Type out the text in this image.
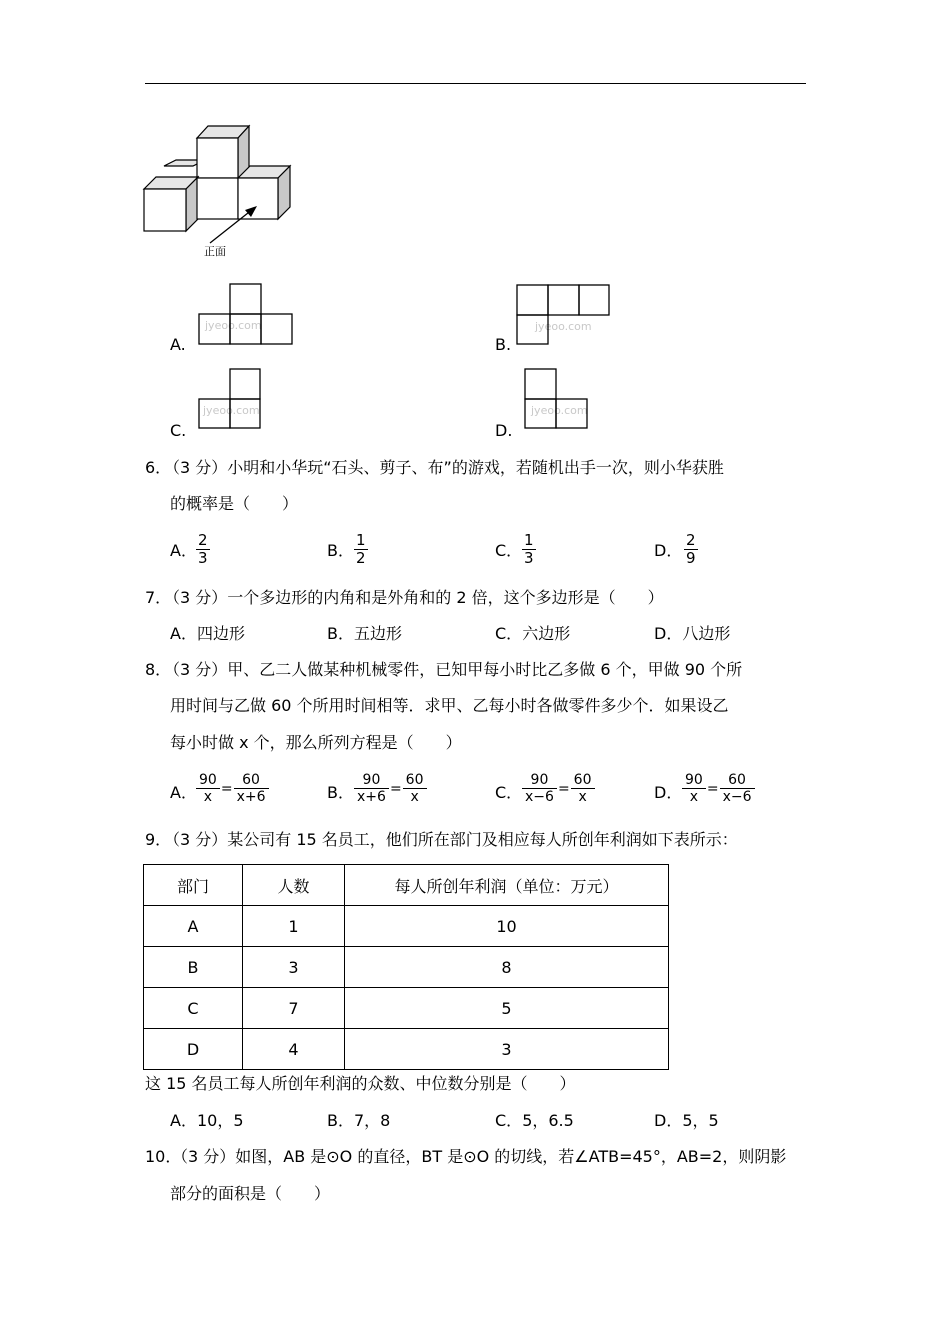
正面
A.
jyeoo.com
B.
jyeoo.com
C.
jyeoo.com
D.
jyeoo.com
6．
（3 分）小明和小华玩“石头、剪子、布”的游戏，若随机出手一次，则小华获胜
的概率是（　　）
A． $\frac{2}{3}$	B． $\frac{1}{2}$	C． $\frac{1}{3}$	D． $\frac{2}{9}$
7．
（3 分）一个多边形的内角和是外角和的 2 倍，这个多边形是（　　）
A．四边形	B．五边形	C．六边形	D．八边形
8．
（3 分）甲、乙二人做某种机械零件，已知甲每小时比乙多做 6 个，甲做 90 个所
用时间与乙做 60 个所用时间相等．求甲、乙每小时各做零件多少个．如果设乙
每小时做 x 个，那么所列方程是（　　）
A． $\frac{90}{x} = \frac{60}{x+6}$	B． $\frac{90}{x+6} = \frac{60}{x}$	C． $\frac{90}{x-6} = \frac{60}{x}$	D． $\frac{90}{x} = \frac{60}{x-6}$
9．
（3 分）某公司有 15 名员工，他们所在部门及相应每人所创年利润如下表所示：
部门	人数	每人所创年利润（单位：万元）
A	1	10
B	3	8
C	7	5
D	4	3
这 15 名员工每人所创年利润的众数、中位数分别是（　　）
A．10，5	B．7，8	C．5，6.5	D．5，5
10．
（3 分）如图，AB 是⊙O 的直径，BT 是⊙O 的切线，若∠ATB=45°，AB=2，则阴影
部分的面积是（　　）
